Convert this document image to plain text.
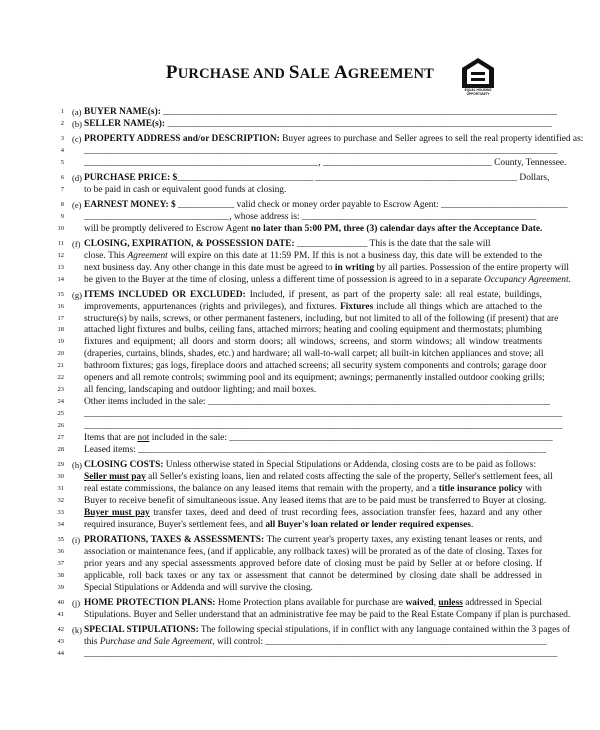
PURCHASE AND SALE AGREEMENT
EQUAL HOUSING
OPPORTUNITY
1 (a) BUYER NAME(s): ____________________________________________________________________________________
2 (b) SELLER NAME(s): __________________________________________________________________________________
3 (c) PROPERTY ADDRESS and/or DESCRIPTION: Buyer agrees to purchase and Seller agrees to sell the real property identified as:
4 _____________________________________________________________________________________________________
5 __________________________________________________, ____________________________________ County, Tennessee.
6 (d) PURCHASE PRICE: $_____________________________ ___________________________________________ Dollars,
7 to be paid in cash or equivalent good funds at closing.
8 (e) EARNEST MONEY: $ ____________ valid check or money order payable to Escrow Agent: ___________________________
9 _______________________________, whose address is: __________________________________________________
10 will be promptly delivered to Escrow Agent no later than 5:00 PM, three (3) calendar days after the Acceptance Date.
11 (f) CLOSING, EXPIRATION, & POSSESSION DATE: _______________ This is the date that the sale will
12 close. This Agreement will expire on this date at 11:59 PM. If this is not a business day, this date will be extended to the
13 next business day. Any other change in this date must be agreed to in writing by all parties. Possession of the entire property will
14 be given to the Buyer at the time of closing, unless a different time of possession is agreed to in a separate Occupancy Agreement.
15 (g) ITEMS INCLUDED OR EXCLUDED: Included, if present, as part of the property sale: all real estate, buildings,
16 improvements, appurtenances (rights and privileges), and fixtures. Fixtures include all things which are attached to the
17 structure(s) by nails, screws, or other permanent fasteners, including, but not limited to all of the following (if present) that are
18 attached light fixtures and bulbs, ceiling fans, attached mirrors; heating and cooling equipment and thermostats; plumbing
19 fixtures and equipment; all doors and storm doors; all windows, screens, and storm windows; all window treatments
20 (draperies, curtains, blinds, shades, etc.) and hardware; all wall-to-wall carpet; all built-in kitchen appliances and stove; all
21 bathroom fixtures; gas logs, fireplace doors and attached screens; all security system components and controls; garage door
22 openers and all remote controls; swimming pool and its equipment; awnings; permanently installed outdoor cooking grills;
23 all fencing, landscaping and outdoor lighting; and mail boxes.
24 Other items included in the sale: _________________________________________________________________________
25 ______________________________________________________________________________________________________
26 ______________________________________________________________________________________________________
27 Items that are not included in the sale: _____________________________________________________________________
28 Leased items: _______________________________________________________________________________________
29 (h) CLOSING COSTS: Unless otherwise stated in Special Stipulations or Addenda, closing costs are to be paid as follows:
30 Seller must pay all Seller's existing loans, lien and related costs affecting the sale of the property, Seller's settlement fees, all
31 real estate commissions, the balance on any leased items that remain with the property, and a title insurance policy with
32 Buyer to receive benefit of simultaneous issue. Any leased items that are to be paid must be transferred to Buyer at closing.
33 Buyer must pay transfer taxes, deed and deed of trust recording fees, association transfer fees, hazard and any other
34 required insurance, Buyer's settlement fees, and all Buyer's loan related or lender required expenses.
35 (i) PRORATIONS, TAXES & ASSESSMENTS: The current year's property taxes, any existing tenant leases or rents, and
36 association or maintenance fees, (and if applicable, any rollback taxes) will be prorated as of the date of closing. Taxes for
37 prior years and any special assessments approved before date of closing must be paid by Seller at or before closing. If
38 applicable, roll back taxes or any tax or assessment that cannot be determined by closing date shall be addressed in
39 Special Stipulations or Addenda and will survive the closing.
40 (j) HOME PROTECTION PLANS: Home Protection plans available for purchase are waived, unless addressed in Special
41 Stipulations. Buyer and Seller understand that an administrative fee may be paid to the Real Estate Company if plan is purchased.
42 (k) SPECIAL STIPULATIONS: The following special stipulations, if in conflict with any language contained within the 3 pages of
43 this Purchase and Sale Agreement, will control: ____________________________________________________________
44 _____________________________________________________________________________________________________
